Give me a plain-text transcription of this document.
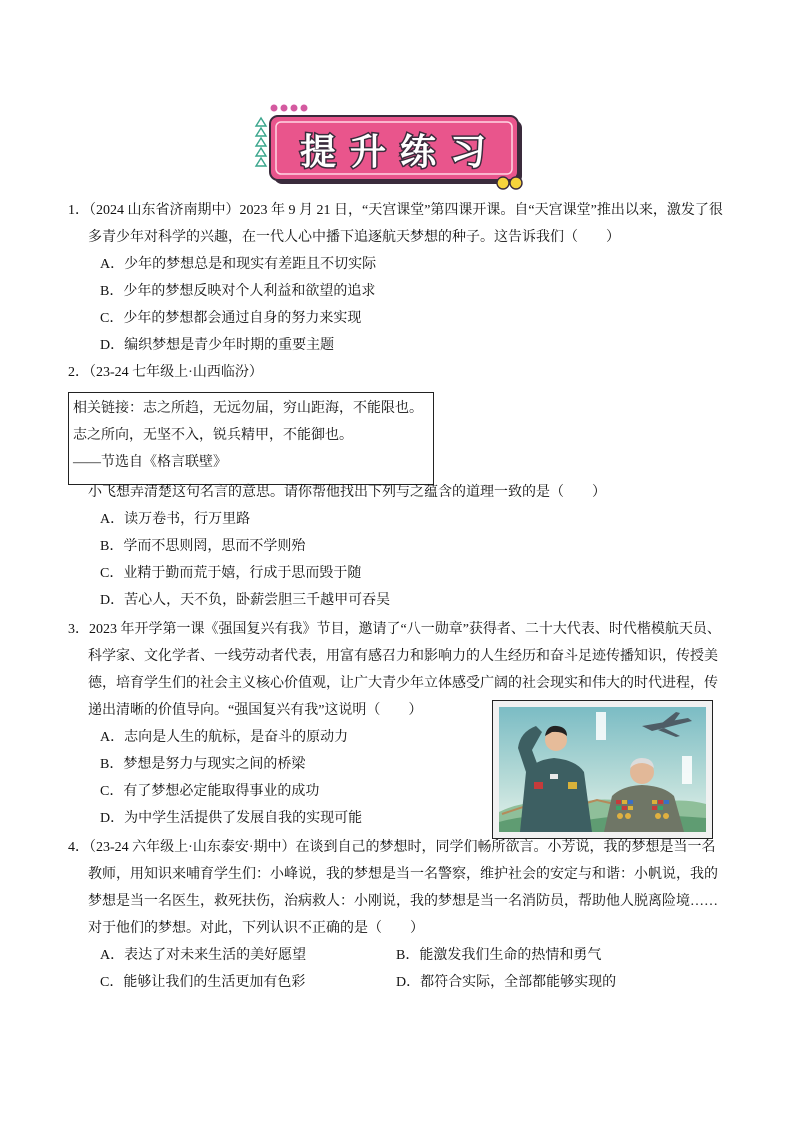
提升练习
1．（2024 山东省济南期中）2023 年 9 月 21 日，“天宫课堂”第四课开课。自“天宫课堂”推出以来，激发了很
多青少年对科学的兴趣，在一代人心中播下追逐航天梦想的种子。这告诉我们（　　）
A．少年的梦想总是和现实有差距且不切实际
B．少年的梦想反映对个人利益和欲望的追求
C．少年的梦想都会通过自身的努力来实现
D．编织梦想是青少年时期的重要主题
2．（23-24 七年级上·山西临汾）
相关链接：志之所趋，无远勿届，穷山距海，不能限也。
志之所向，无坚不入，锐兵精甲，不能御也。
——节选自《格言联壁》
小飞想弄清楚这句名言的意思。请你帮他找出下列与之蕴含的道理一致的是（　　）
A．读万卷书，行万里路
B．学而不思则罔，思而不学则殆
C．业精于勤而荒于嬉，行成于思而毁于随
D．苦心人，天不负，卧薪尝胆三千越甲可吞吴
3．2023 年开学第一课《强国复兴有我》节目，邀请了“八一勋章”获得者、二十大代表、时代楷模航天员、
科学家、文化学者、一线劳动者代表，用富有感召力和影响力的人生经历和奋斗足迹传播知识，传授美
德，培育学生们的社会主义核心价值观，让广大青少年立体感受广阔的社会现实和伟大的时代进程，传
递出清晰的价值导向。“强国复兴有我”这说明（　　）
A．志向是人生的航标，是奋斗的原动力
B．梦想是努力与现实之间的桥梁
C．有了梦想必定能取得事业的成功
D．为中学生活提供了发展自我的实现可能
4．（23-24 六年级上·山东泰安·期中）在谈到自己的梦想时，同学们畅所欲言。小芳说，我的梦想是当一名
教师，用知识来哺育学生们：小峰说，我的梦想是当一名警察，维护社会的安定与和谐：小帆说，我的
梦想是当一名医生，救死扶伤，治病救人：小刚说，我的梦想是当一名消防员，帮助他人脱离险境……
对于他们的梦想。对此，下列认识不正确的是（　　）
A．表达了对未来生活的美好愿望	B．能激发我们生命的热情和勇气
C．能够让我们的生活更加有色彩	D．都符合实际，全部都能够实现的
